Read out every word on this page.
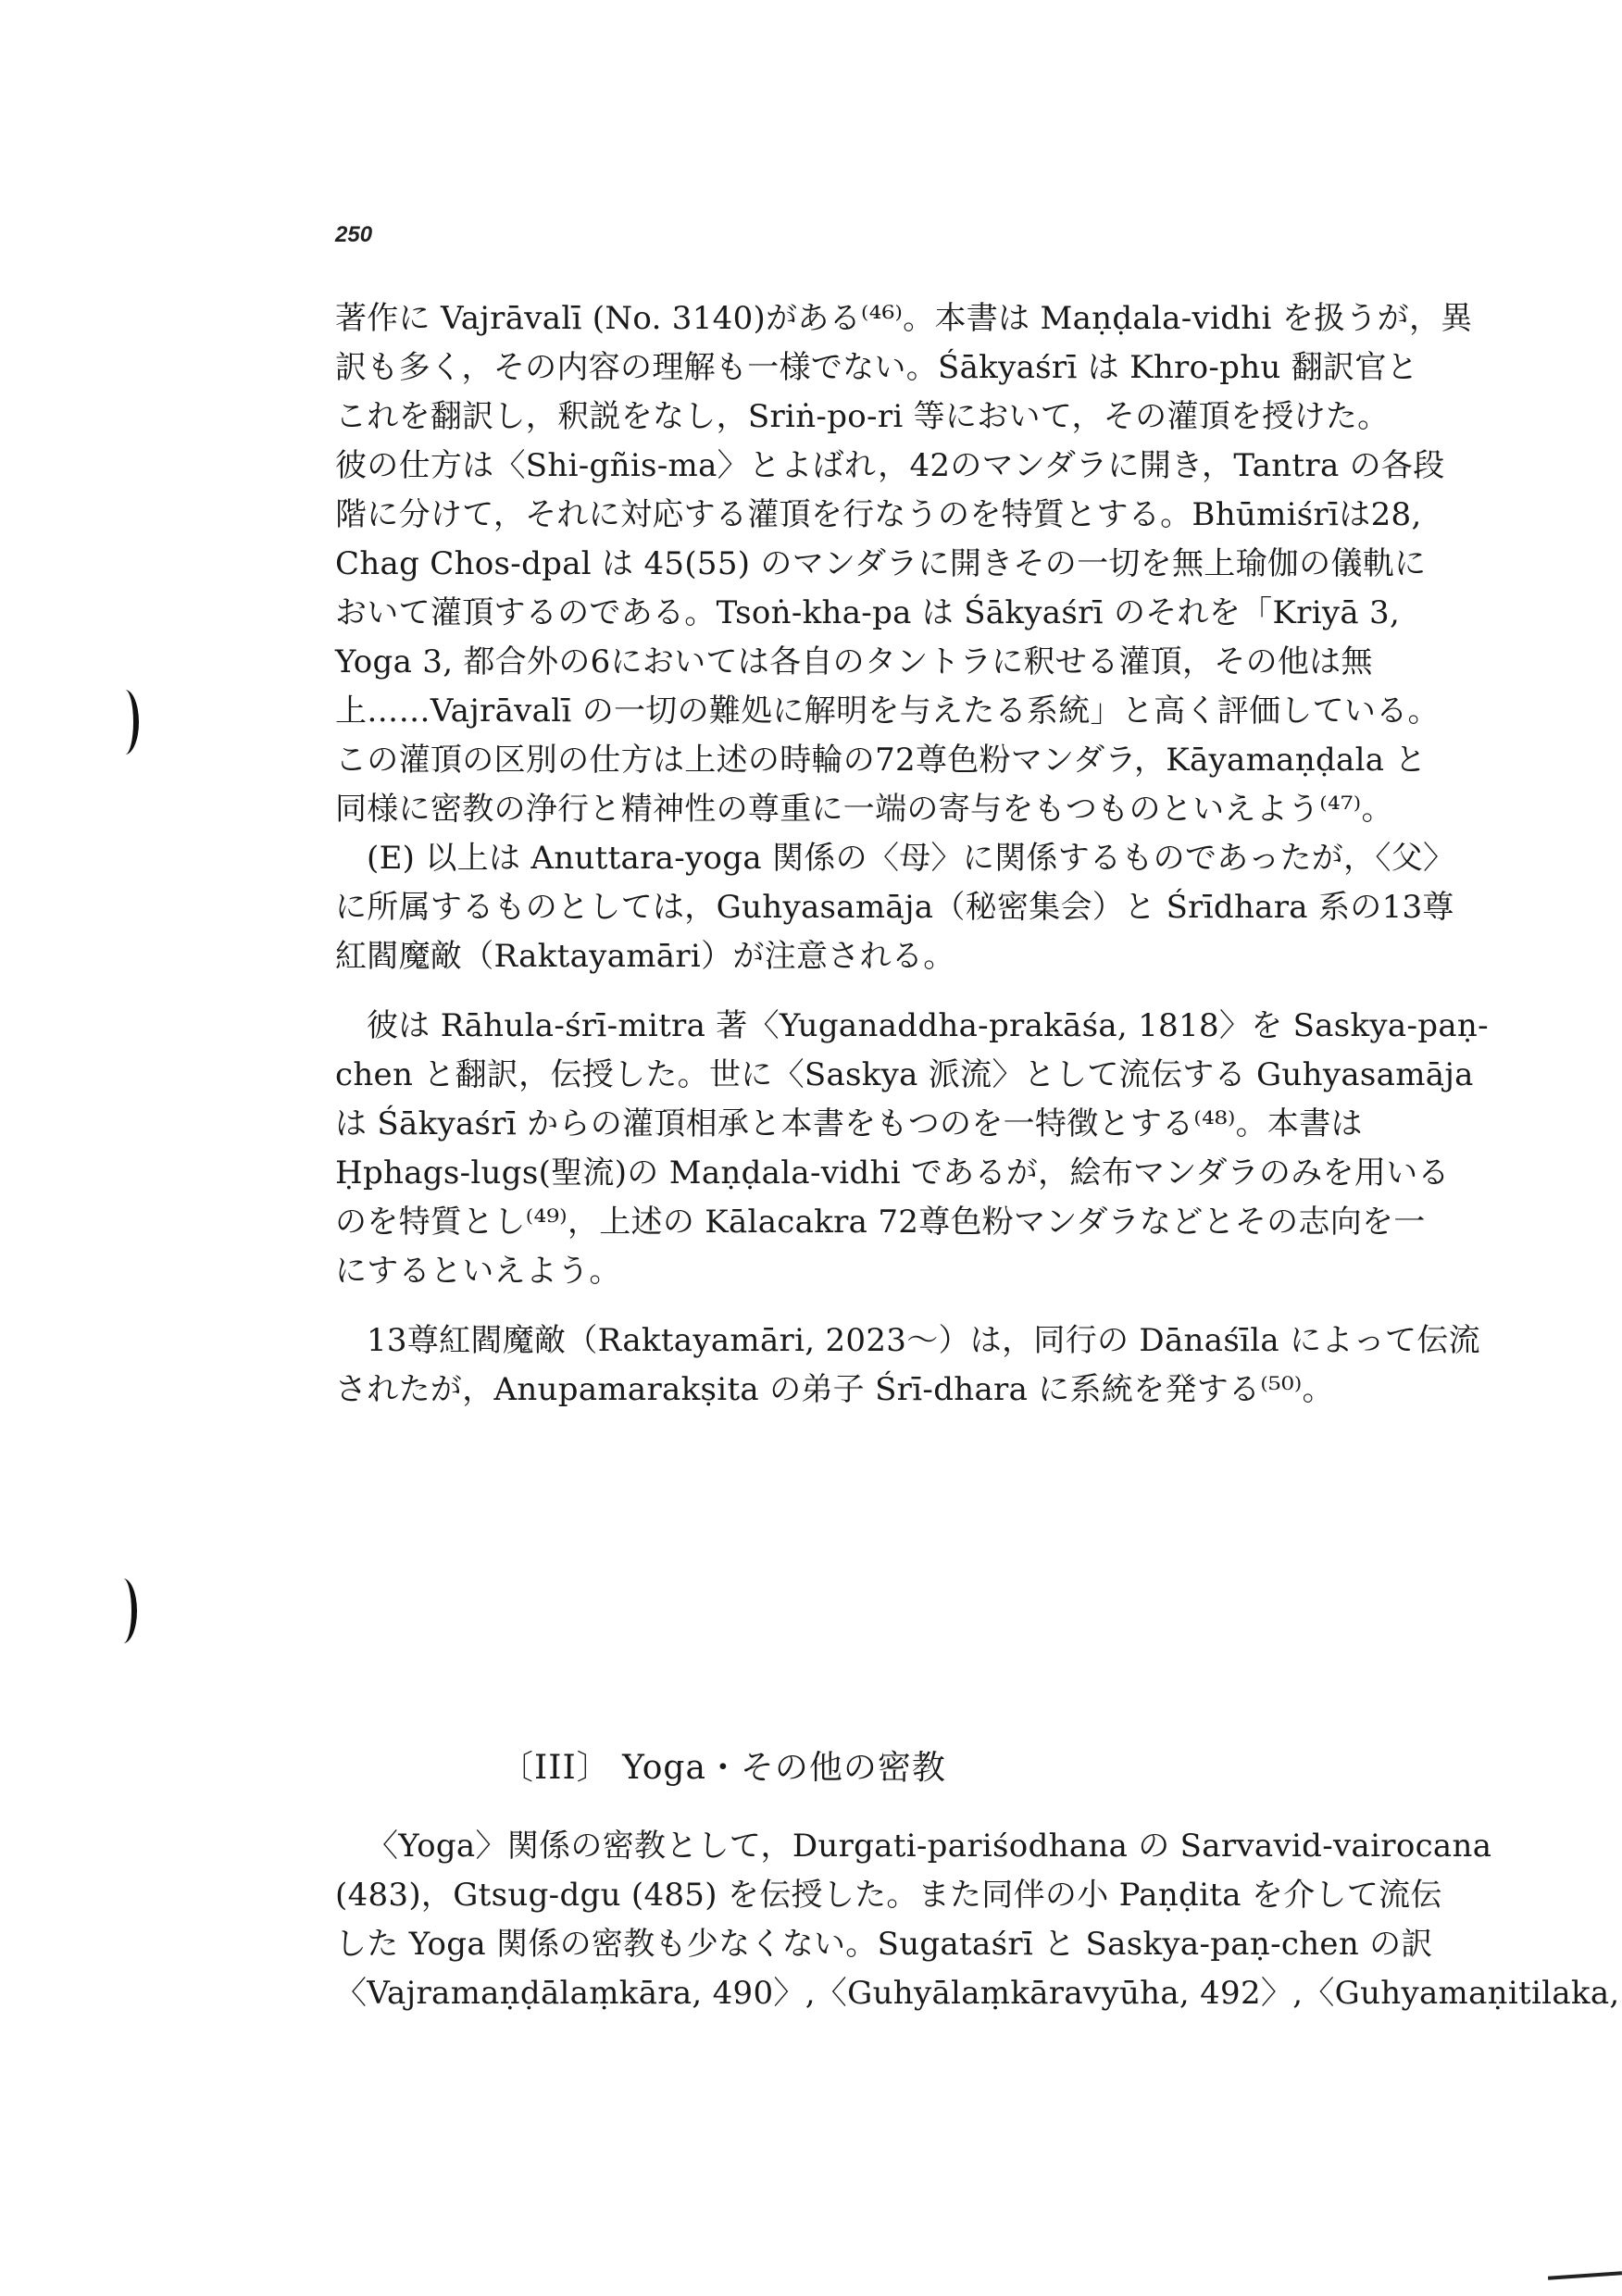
250
著作に Vajrāvalī (No. 3140)がある⁽⁴⁶⁾。本書は Maṇḍala-vidhi を扱うが，異
訳も多く，その内容の理解も一様でない。Śākyaśrī は Khro-phu 翻訳官と
これを翻訳し，釈説をなし，Sriṅ-po-ri 等において，その灌頂を授けた。
彼の仕方は〈Shi-gñis-ma〉とよばれ，42のマンダラに開き，Tantra の各段
階に分けて，それに対応する灌頂を行なうのを特質とする。Bhūmiśrīは28,
Chag Chos-dpal は 45(55) のマンダラに開きその一切を無上瑜伽の儀軌に
おいて灌頂するのである。Tsoṅ-kha-pa は Śākyaśrī のそれを「Kriyā 3,
Yoga 3, 都合外の6においては各自のタントラに釈せる灌頂，その他は無
上……Vajrāvalī の一切の難処に解明を与えたる系統」と高く評価している。
この灌頂の区別の仕方は上述の時輪の72尊色粉マンダラ，Kāyamaṇḍala と
同様に密教の浄行と精神性の尊重に一端の寄与をもつものといえよう⁽⁴⁷⁾。
(E) 以上は Anuttara-yoga 関係の〈母〉に関係するものであったが，〈父〉
に所属するものとしては，Guhyasamāja（秘密集会）と Śrīdhara 系の13尊
紅閻魔敵（Raktayamāri）が注意される。
彼は Rāhula-śrī-mitra 著〈Yuganaddha-prakāśa, 1818〉を Saskya-paṇ-
chen と翻訳，伝授した。世に〈Saskya 派流〉として流伝する Guhyasamāja
は Śākyaśrī からの灌頂相承と本書をもつのを一特徴とする⁽⁴⁸⁾。本書は
Ḥphags-lugs(聖流)の Maṇḍala-vidhi であるが，絵布マンダラのみを用いる
のを特質とし⁽⁴⁹⁾，上述の Kālacakra 72尊色粉マンダラなどとその志向を一
にするといえよう。
13尊紅閻魔敵（Raktayamāri, 2023～）は，同行の Dānaśīla によって伝流
されたが，Anupamarakṣita の弟子 Śrī-dhara に系統を発する⁽⁵⁰⁾。
〔III〕 Yoga・その他の密教
〈Yoga〉関係の密教として，Durgati-pariśodhana の Sarvavid-vairocana
(483)，Gtsug-dgu (485) を伝授した。また同伴の小 Paṇḍita を介して流伝
した Yoga 関係の密教も少なくない。Sugataśrī と Saskya-paṇ-chen の訳
〈Vajramaṇḍālaṃkāra, 490〉,〈Guhyālaṃkāravyūha, 492〉,〈Guhyamaṇitilaka,
